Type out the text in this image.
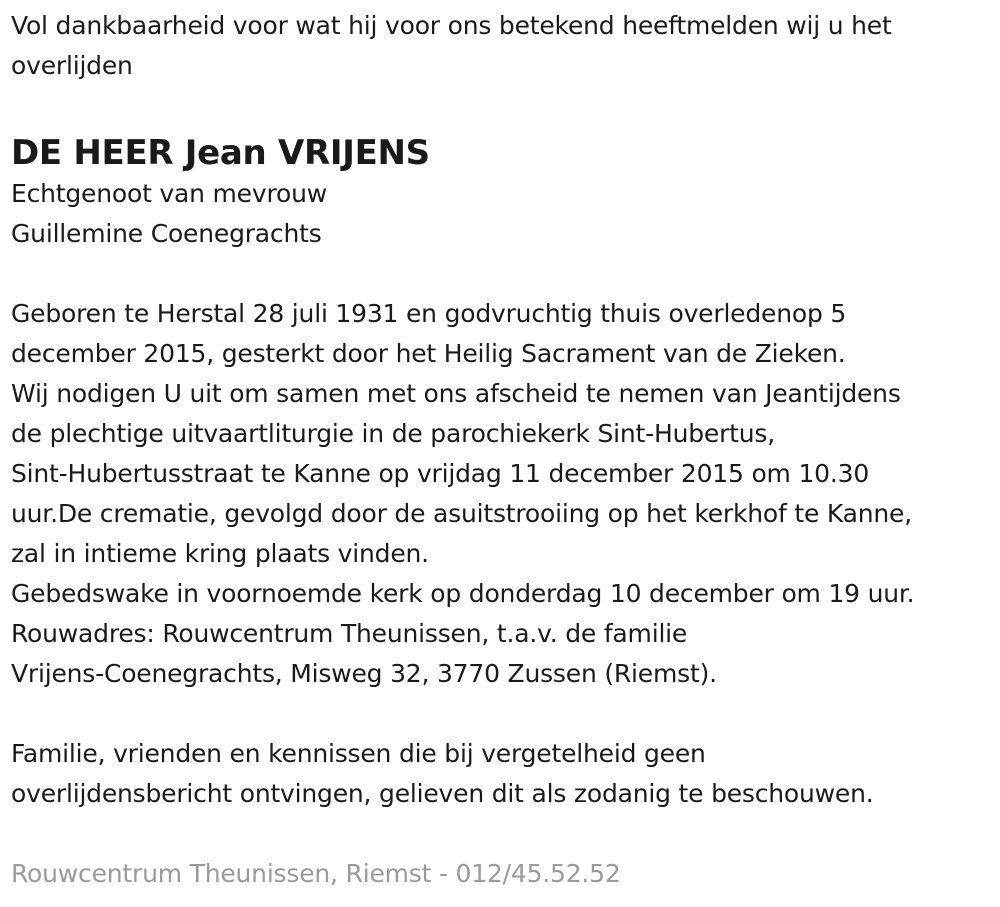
Vol dankbaarheid voor wat hij voor ons betekend heeftmelden wij u het
overlijden
DE HEER Jean VRIJENS
Echtgenoot van mevrouw
Guillemine Coenegrachts
Geboren te Herstal 28 juli 1931 en godvruchtig thuis overledenop 5
december 2015, gesterkt door het Heilig Sacrament van de Zieken.
Wij nodigen U uit om samen met ons afscheid te nemen van Jeantijdens
de plechtige uitvaartliturgie in de parochiekerk Sint-Hubertus,
Sint-Hubertusstraat te Kanne op vrijdag 11 december 2015 om 10.30
uur.De crematie, gevolgd door de asuitstrooiing op het kerkhof te Kanne,
zal in intieme kring plaats vinden.
Gebedswake in voornoemde kerk op donderdag 10 december om 19 uur.
Rouwadres: Rouwcentrum Theunissen, t.a.v. de familie
Vrijens-Coenegrachts, Misweg 32, 3770 Zussen (Riemst).
Familie, vrienden en kennissen die bij vergetelheid geen
overlijdensbericht ontvingen, gelieven dit als zodanig te beschouwen.
Rouwcentrum Theunissen, Riemst - 012/45.52.52
